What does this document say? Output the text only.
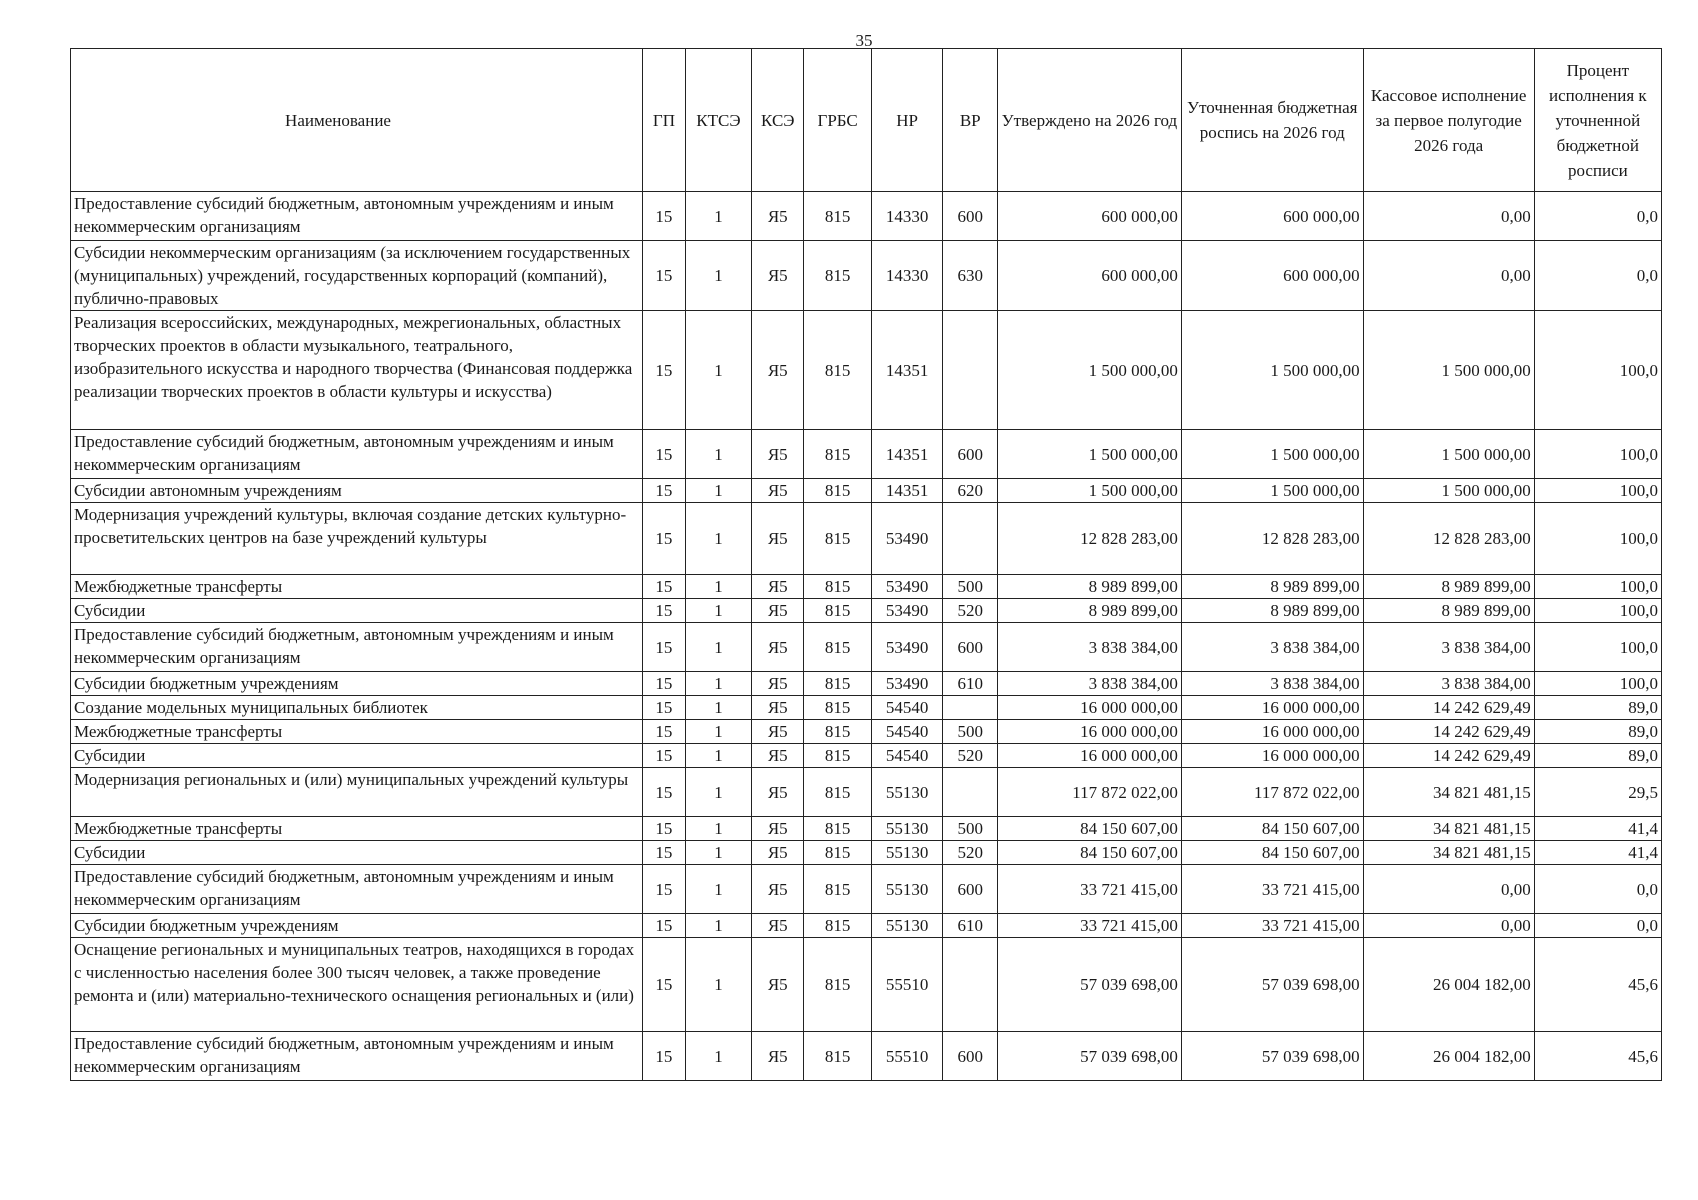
35
Наименование	ГП	КТСЭ	КСЭ	ГРБС	НР	ВР	Утверждено на 2026 год	Уточненная бюджетная роспись на 2026 год	Кассовое исполнение за первое полугодие 2026 года	Процент исполнения к уточненной бюджетной росписи

Предоставление субсидий бюджетным, автономным учреждениям и иным некоммерческим организациям	15	1	Я5	815	14330	600	600 000,00	600 000,00	0,00	0,0

Субсидии некоммерческим организациям (за исключением государственных (муниципальных) учреждений, государственных корпораций (компаний), публично-правовых	15	1	Я5	815	14330	630	600 000,00	600 000,00	0,00	0,0

Реализация всероссийских, международных, межрегиональных, областных творческих проектов в области музыкального, театрального, изобразительного искусства и народного творчества (Финансовая поддержка реализации творческих проектов в области культуры и искусства)	15	1	Я5	815	14351		1 500 000,00	1 500 000,00	1 500 000,00	100,0

Предоставление субсидий бюджетным, автономным учреждениям и иным некоммерческим организациям	15	1	Я5	815	14351	600	1 500 000,00	1 500 000,00	1 500 000,00	100,0

Субсидии автономным учреждениям	15	1	Я5	815	14351	620	1 500 000,00	1 500 000,00	1 500 000,00	100,0

Модернизация учреждений культуры, включая создание детских культурно-просветительских центров на базе учреждений культуры	15	1	Я5	815	53490		12 828 283,00	12 828 283,00	12 828 283,00	100,0

Межбюджетные трансферты	15	1	Я5	815	53490	500	8 989 899,00	8 989 899,00	8 989 899,00	100,0

Субсидии	15	1	Я5	815	53490	520	8 989 899,00	8 989 899,00	8 989 899,00	100,0

Предоставление субсидий бюджетным, автономным учреждениям и иным некоммерческим организациям	15	1	Я5	815	53490	600	3 838 384,00	3 838 384,00	3 838 384,00	100,0

Субсидии бюджетным учреждениям	15	1	Я5	815	53490	610	3 838 384,00	3 838 384,00	3 838 384,00	100,0

Создание модельных муниципальных библиотек	15	1	Я5	815	54540		16 000 000,00	16 000 000,00	14 242 629,49	89,0

Межбюджетные трансферты	15	1	Я5	815	54540	500	16 000 000,00	16 000 000,00	14 242 629,49	89,0

Субсидии	15	1	Я5	815	54540	520	16 000 000,00	16 000 000,00	14 242 629,49	89,0

Модернизация региональных и (или) муниципальных учреждений культуры	15	1	Я5	815	55130		117 872 022,00	117 872 022,00	34 821 481,15	29,5

Межбюджетные трансферты	15	1	Я5	815	55130	500	84 150 607,00	84 150 607,00	34 821 481,15	41,4

Субсидии	15	1	Я5	815	55130	520	84 150 607,00	84 150 607,00	34 821 481,15	41,4

Предоставление субсидий бюджетным, автономным учреждениям и иным некоммерческим организациям	15	1	Я5	815	55130	600	33 721 415,00	33 721 415,00	0,00	0,0

Субсидии бюджетным учреждениям	15	1	Я5	815	55130	610	33 721 415,00	33 721 415,00	0,00	0,0

Оснащение региональных и муниципальных театров, находящихся в городах с численностью населения более 300 тысяч человек, а также проведение ремонта и (или) материально-технического оснащения региональных и (или)	15	1	Я5	815	55510		57 039 698,00	57 039 698,00	26 004 182,00	45,6

Предоставление субсидий бюджетным, автономным учреждениям и иным некоммерческим организациям	15	1	Я5	815	55510	600	57 039 698,00	57 039 698,00	26 004 182,00	45,6
